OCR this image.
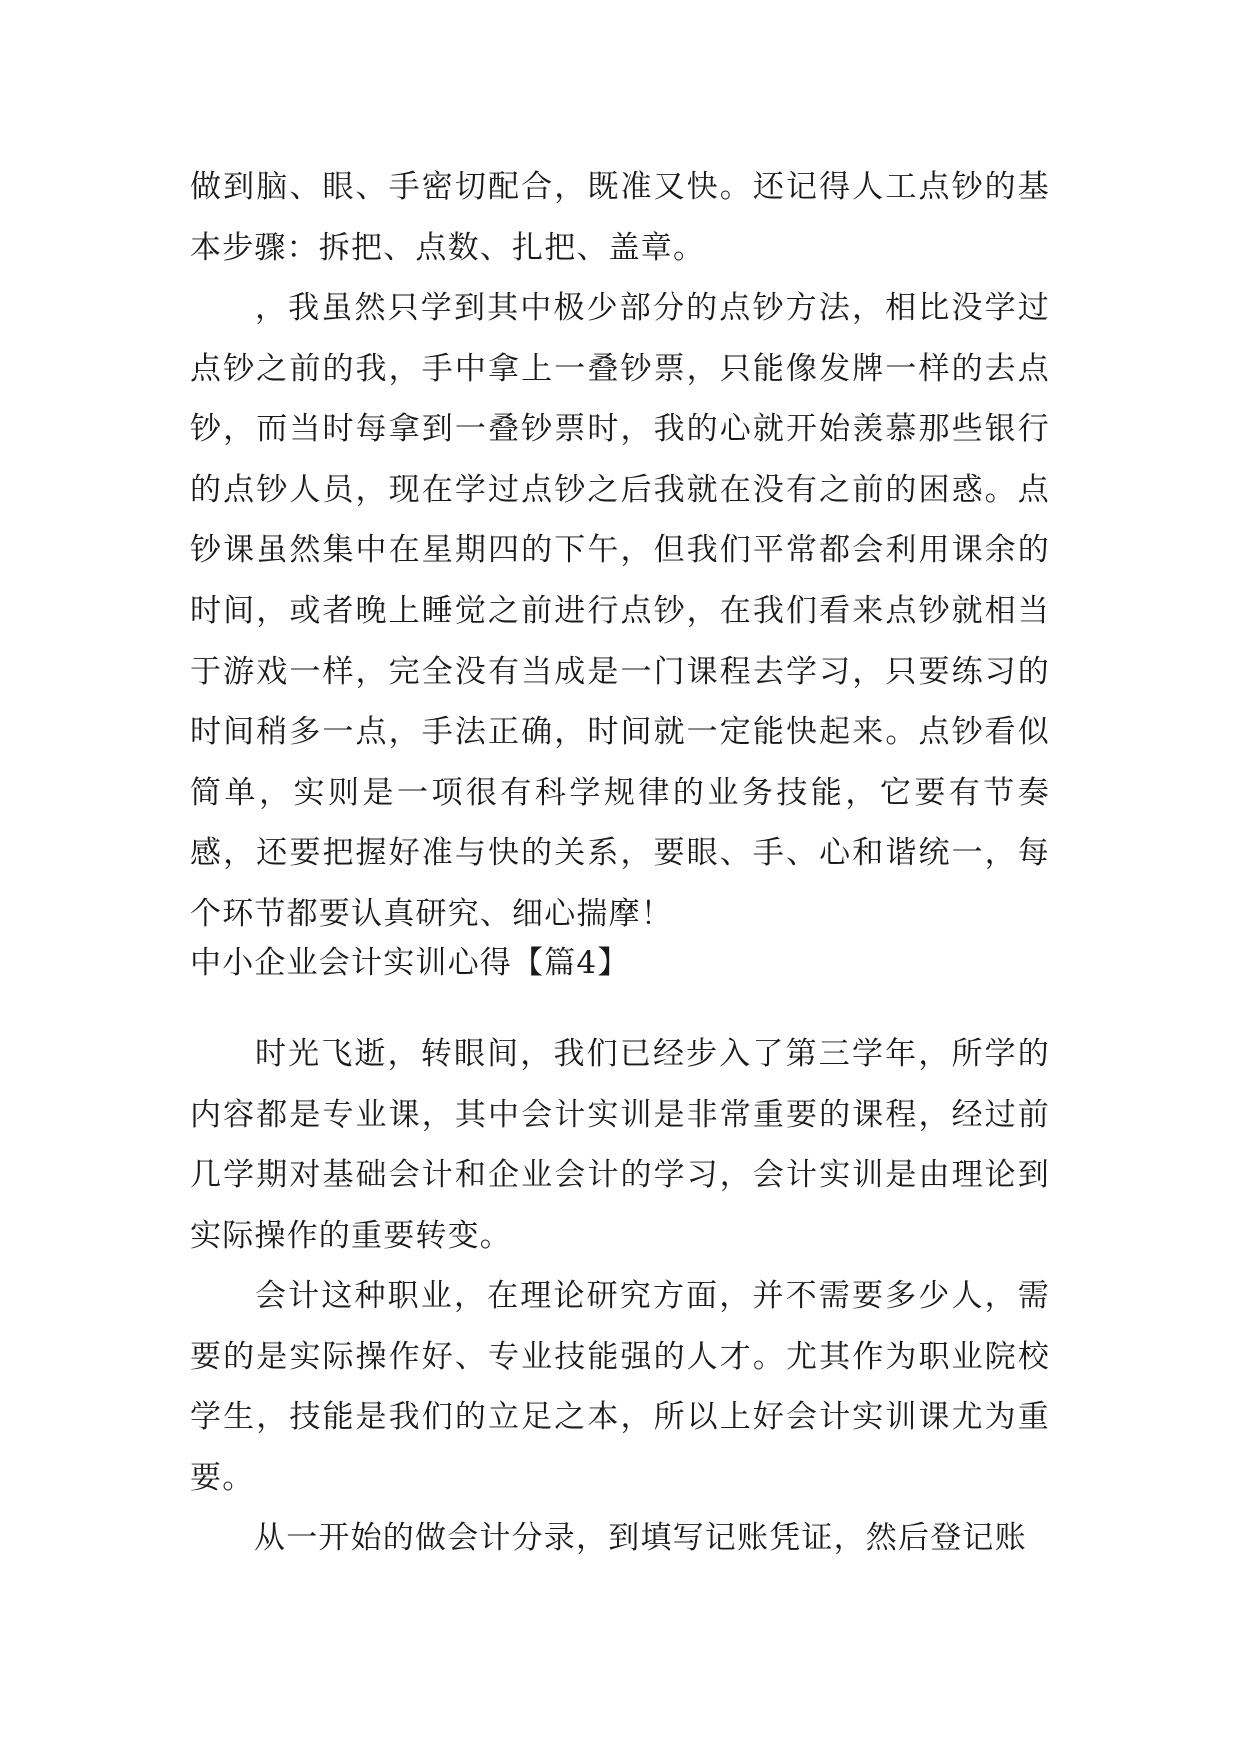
做到脑、眼、手密切配合，既准又快。还记得人工点钞的基本步骤：拆把、点数、扎把、盖章。

，我虽然只学到其中极少部分的点钞方法，相比没学过点钞之前的我，手中拿上一叠钞票，只能像发牌一样的去点钞，而当时每拿到一叠钞票时，我的心就开始羡慕那些银行的点钞人员，现在学过点钞之后我就在没有之前的困惑。点钞课虽然集中在星期四的下午，但我们平常都会利用课余的时间，或者晚上睡觉之前进行点钞，在我们看来点钞就相当于游戏一样，完全没有当成是一门课程去学习，只要练习的时间稍多一点，手法正确，时间就一定能快起来。点钞看似简单，实则是一项很有科学规律的业务技能，它要有节奏感，还要把握好准与快的关系，要眼、手、心和谐统一，每个环节都要认真研究、细心揣摩！

中小企业会计实训心得【篇4】

时光飞逝，转眼间，我们已经步入了第三学年，所学的内容都是专业课，其中会计实训是非常重要的课程，经过前几学期对基础会计和企业会计的学习，会计实训是由理论到实际操作的重要转变。

会计这种职业，在理论研究方面，并不需要多少人，需要的是实际操作好、专业技能强的人才。尤其作为职业院校学生，技能是我们的立足之本，所以上好会计实训课尤为重要。

从一开始的做会计分录，到填写记账凭证，然后登记账
